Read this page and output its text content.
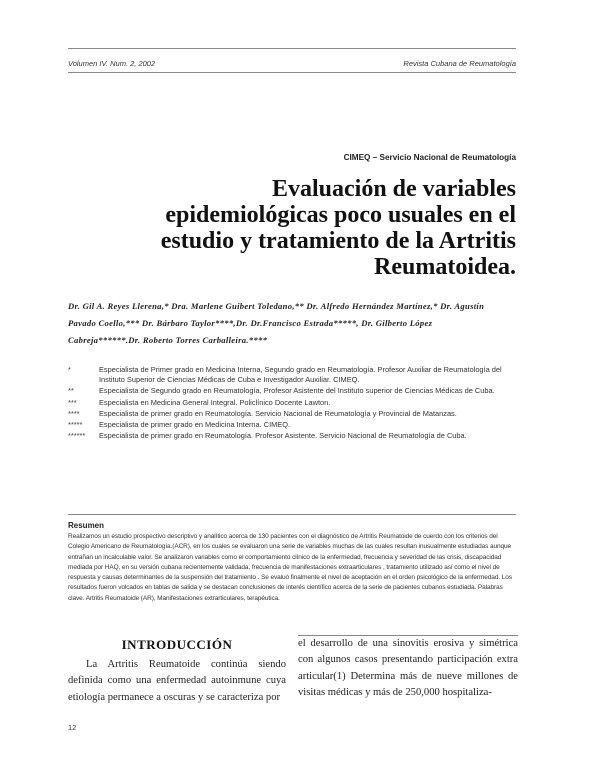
Volumen IV. Num. 2, 2002	Revista Cubana de Reumatología
CIMEQ – Servicio Nacional de Reumatología
Evaluación de variables
epidemiológicas poco usuales en el
estudio y tratamiento de la Artritis
Reumatoidea.
Dr. Gil A. Reyes Llerena,* Dra. Marlene Guibert Toledano,** Dr. Alfredo Hernández Martínez,* Dr. Agustín
Pavado Coello,*** Dr. Bárbaro Taylor****,Dr. Dr.Francisco Estrada*****, Dr. Gilberto López
Cabreja******.Dr. Roberto Torres Carballeira.****
*	Especialista de Primer grado en Medicina Interna, Segundo grado en Reumatología. Profesor Auxiliar de Reumatología del Instituto Superior de Ciencias Médicas de Cuba e Investigador Auxiliar. CIMEQ.
**	Especialista de Segundo grado en Reumatología, Profesor Asistente del Instituto superior de Ciencias Médicas de Cuba.
***	Especialista en Medicina General Integral. Policlínico Docente Lawton.
****	Especialista de primer grado en Reumatología. Servicio Nacional de Reumatología y Provincial de Matanzas.
*****	Especialista de primer grado en Medicina Interna. CIMEQ.
******	Especialista de primer grado en Reumatología. Profesor Asistente. Servicio Nacional de Reumatología de Cuba.
Resumen
Realizamos un estudio prospectivo descriptivo y analítico acerca de 130 pacientes con el diagnóstico de Artritis Reumatoide de cuerdo con los criterios del Colegio Americano de Reumatología.(ACR), en los cuales se evaluaron una serie de variables muchas de las cuales resultan inusualmente estudiadas aunque entrañan un incalculable valor. Se analizaron variables como el comportamiento clínico de la enfermedad, frecuencia y severidad de las crisis, discapacidad mediada por HAQ, en su versión cubana recientemente validada, frecuencia de manifestaciones extraarticulares , tratamiento utilizado así como el nivel de respuesta y causas determinantes de la suspensión del tratamiento . Se evaluó finalmente el nivel de aceptación en el orden psicológico de la enfermedad. Los resultados fueron volcados en tablas de salida y se destacan conclusiones de interés científico acerca de la serie de pacientes cubanos estudiada. Palabras clave. Artritis Reumatoide (AR), Manifestaciones extrarticulares, terapéutica.
INTRODUCCIÓN
La Artritis Reumatoide continúa siendo definida como una enfermedad autoinmune cuya etiología permanece a oscuras y se caracteriza por
el desarrollo de una sinovitis erosiva y simétrica con algunos casos presentando participación extra articular(1) Determina más de nueve millones de visitas médicas y más de 250,000 hospitaliza-
12
